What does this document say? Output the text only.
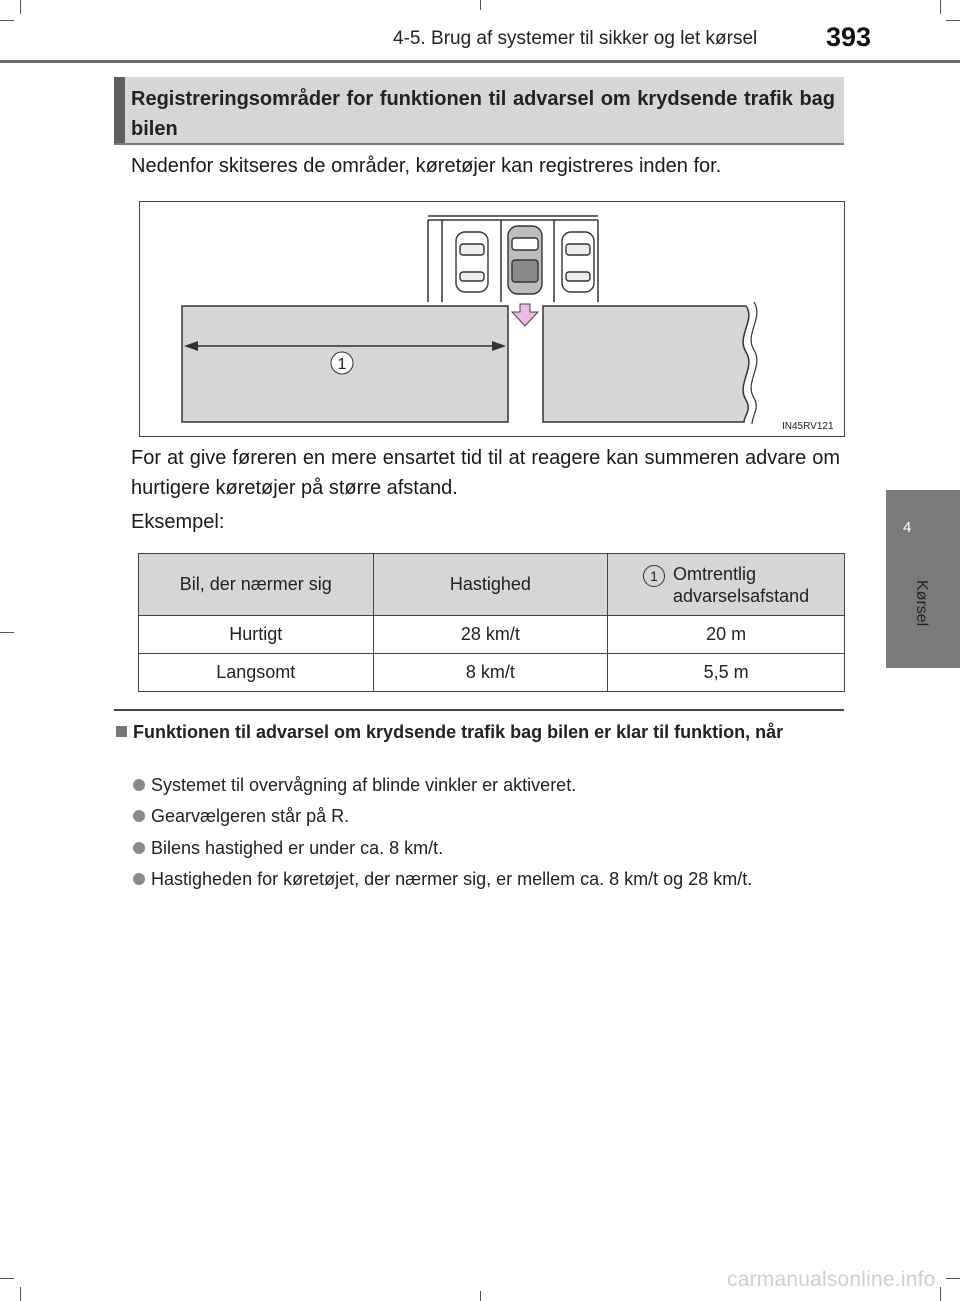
4-5. Brug af systemer til sikker og let kørsel	393
4
Kørsel
Registreringsområder for funktionen til advarsel om krydsende trafik bag bilen
Nedenfor skitseres de områder, køretøjer kan registreres inden for.
1
IN45RV121
For at give føreren en mere ensartet tid til at reagere kan summeren advare om hurtigere køretøjer på større afstand.
Eksempel:
Bil, der nærmer sig	Hastighed	1 Omtrentlig
advarselsafstand

Hurtigt	28 km/t	20 m
Langsomt	8 km/t	5,5 m
Funktionen til advarsel om krydsende trafik bag bilen er klar til funktion, når
Systemet til overvågning af blinde vinkler er aktiveret.
Gearvælgeren står på R.
Bilens hastighed er under ca. 8 km/t.
Hastigheden for køretøjet, der nærmer sig, er mellem ca. 8 km/t og 28 km/t.
carmanualsonline.info
